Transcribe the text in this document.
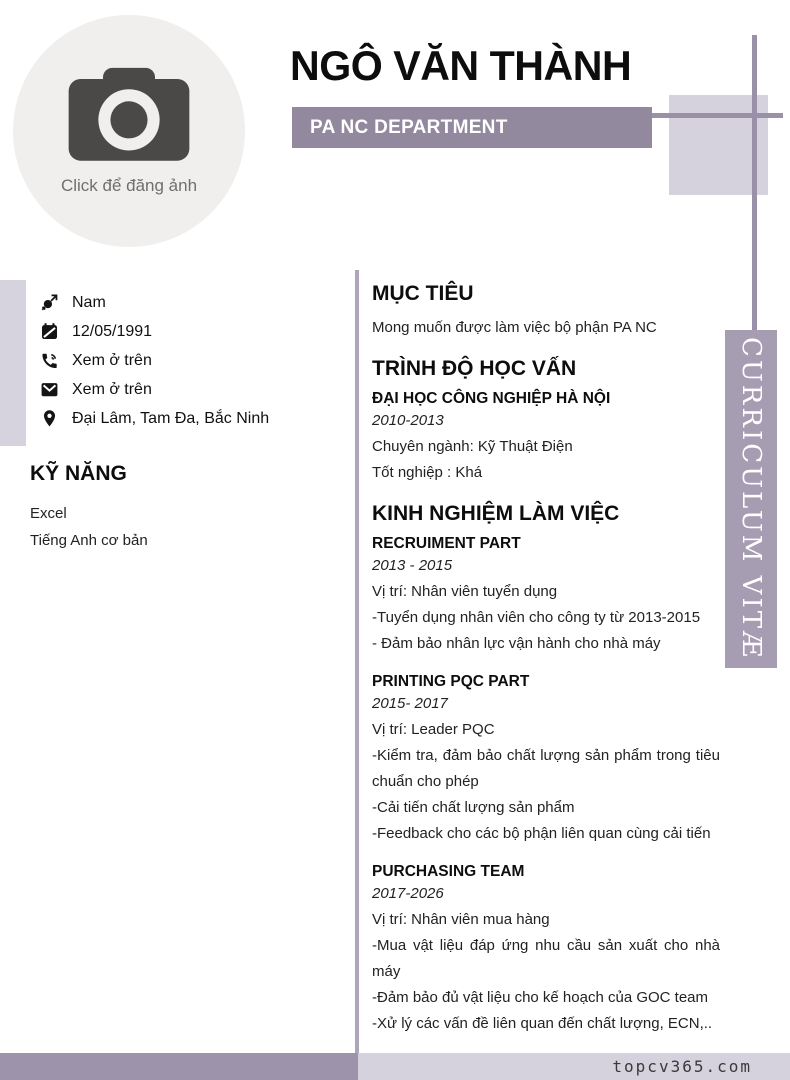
Click để đăng ảnh
NGÔ VĂN THÀNH
PA NC DEPARTMENT
CURRICULUM VITÆ
Nam
12/05/1991
Xem ở trên
Xem ở trên
Đại Lâm, Tam Đa, Bắc Ninh
KỸ NĂNG

Excel

Tiếng Anh cơ bản

MỤC TIÊU

Mong muốn được làm việc bộ phận PA NC

TRÌNH ĐỘ HỌC VẤN
ĐẠI HỌC CÔNG NGHIỆP HÀ NỘI

2010-2013

Chuyên ngành: Kỹ Thuật Điện

Tốt nghiệp : Khá

KINH NGHIỆM LÀM VIỆC
RECRUIMENT PART

2013 - 2015

Vị trí: Nhân viên tuyển dụng

-Tuyển dụng nhân viên cho công ty từ 2013-2015

- Đảm bảo nhân lực vận hành cho nhà máy

PRINTING PQC PART

2015- 2017

Vị trí: Leader PQC

-Kiểm tra, đảm bảo chất lượng sản phẩm trong tiêu chuẩn cho phép

-Cải tiến chất lượng sản phẩm

-Feedback cho các bộ phận liên quan cùng cải tiến

PURCHASING TEAM

2017-2026

Vị trí: Nhân viên mua hàng

-Mua vật liệu đáp ứng nhu cầu sản xuất cho nhà máy

-Đảm bảo đủ vật liệu cho kế hoạch của GOC team

-Xử lý các vấn đề liên quan đến chất lượng, ECN,..

topcv365.com
